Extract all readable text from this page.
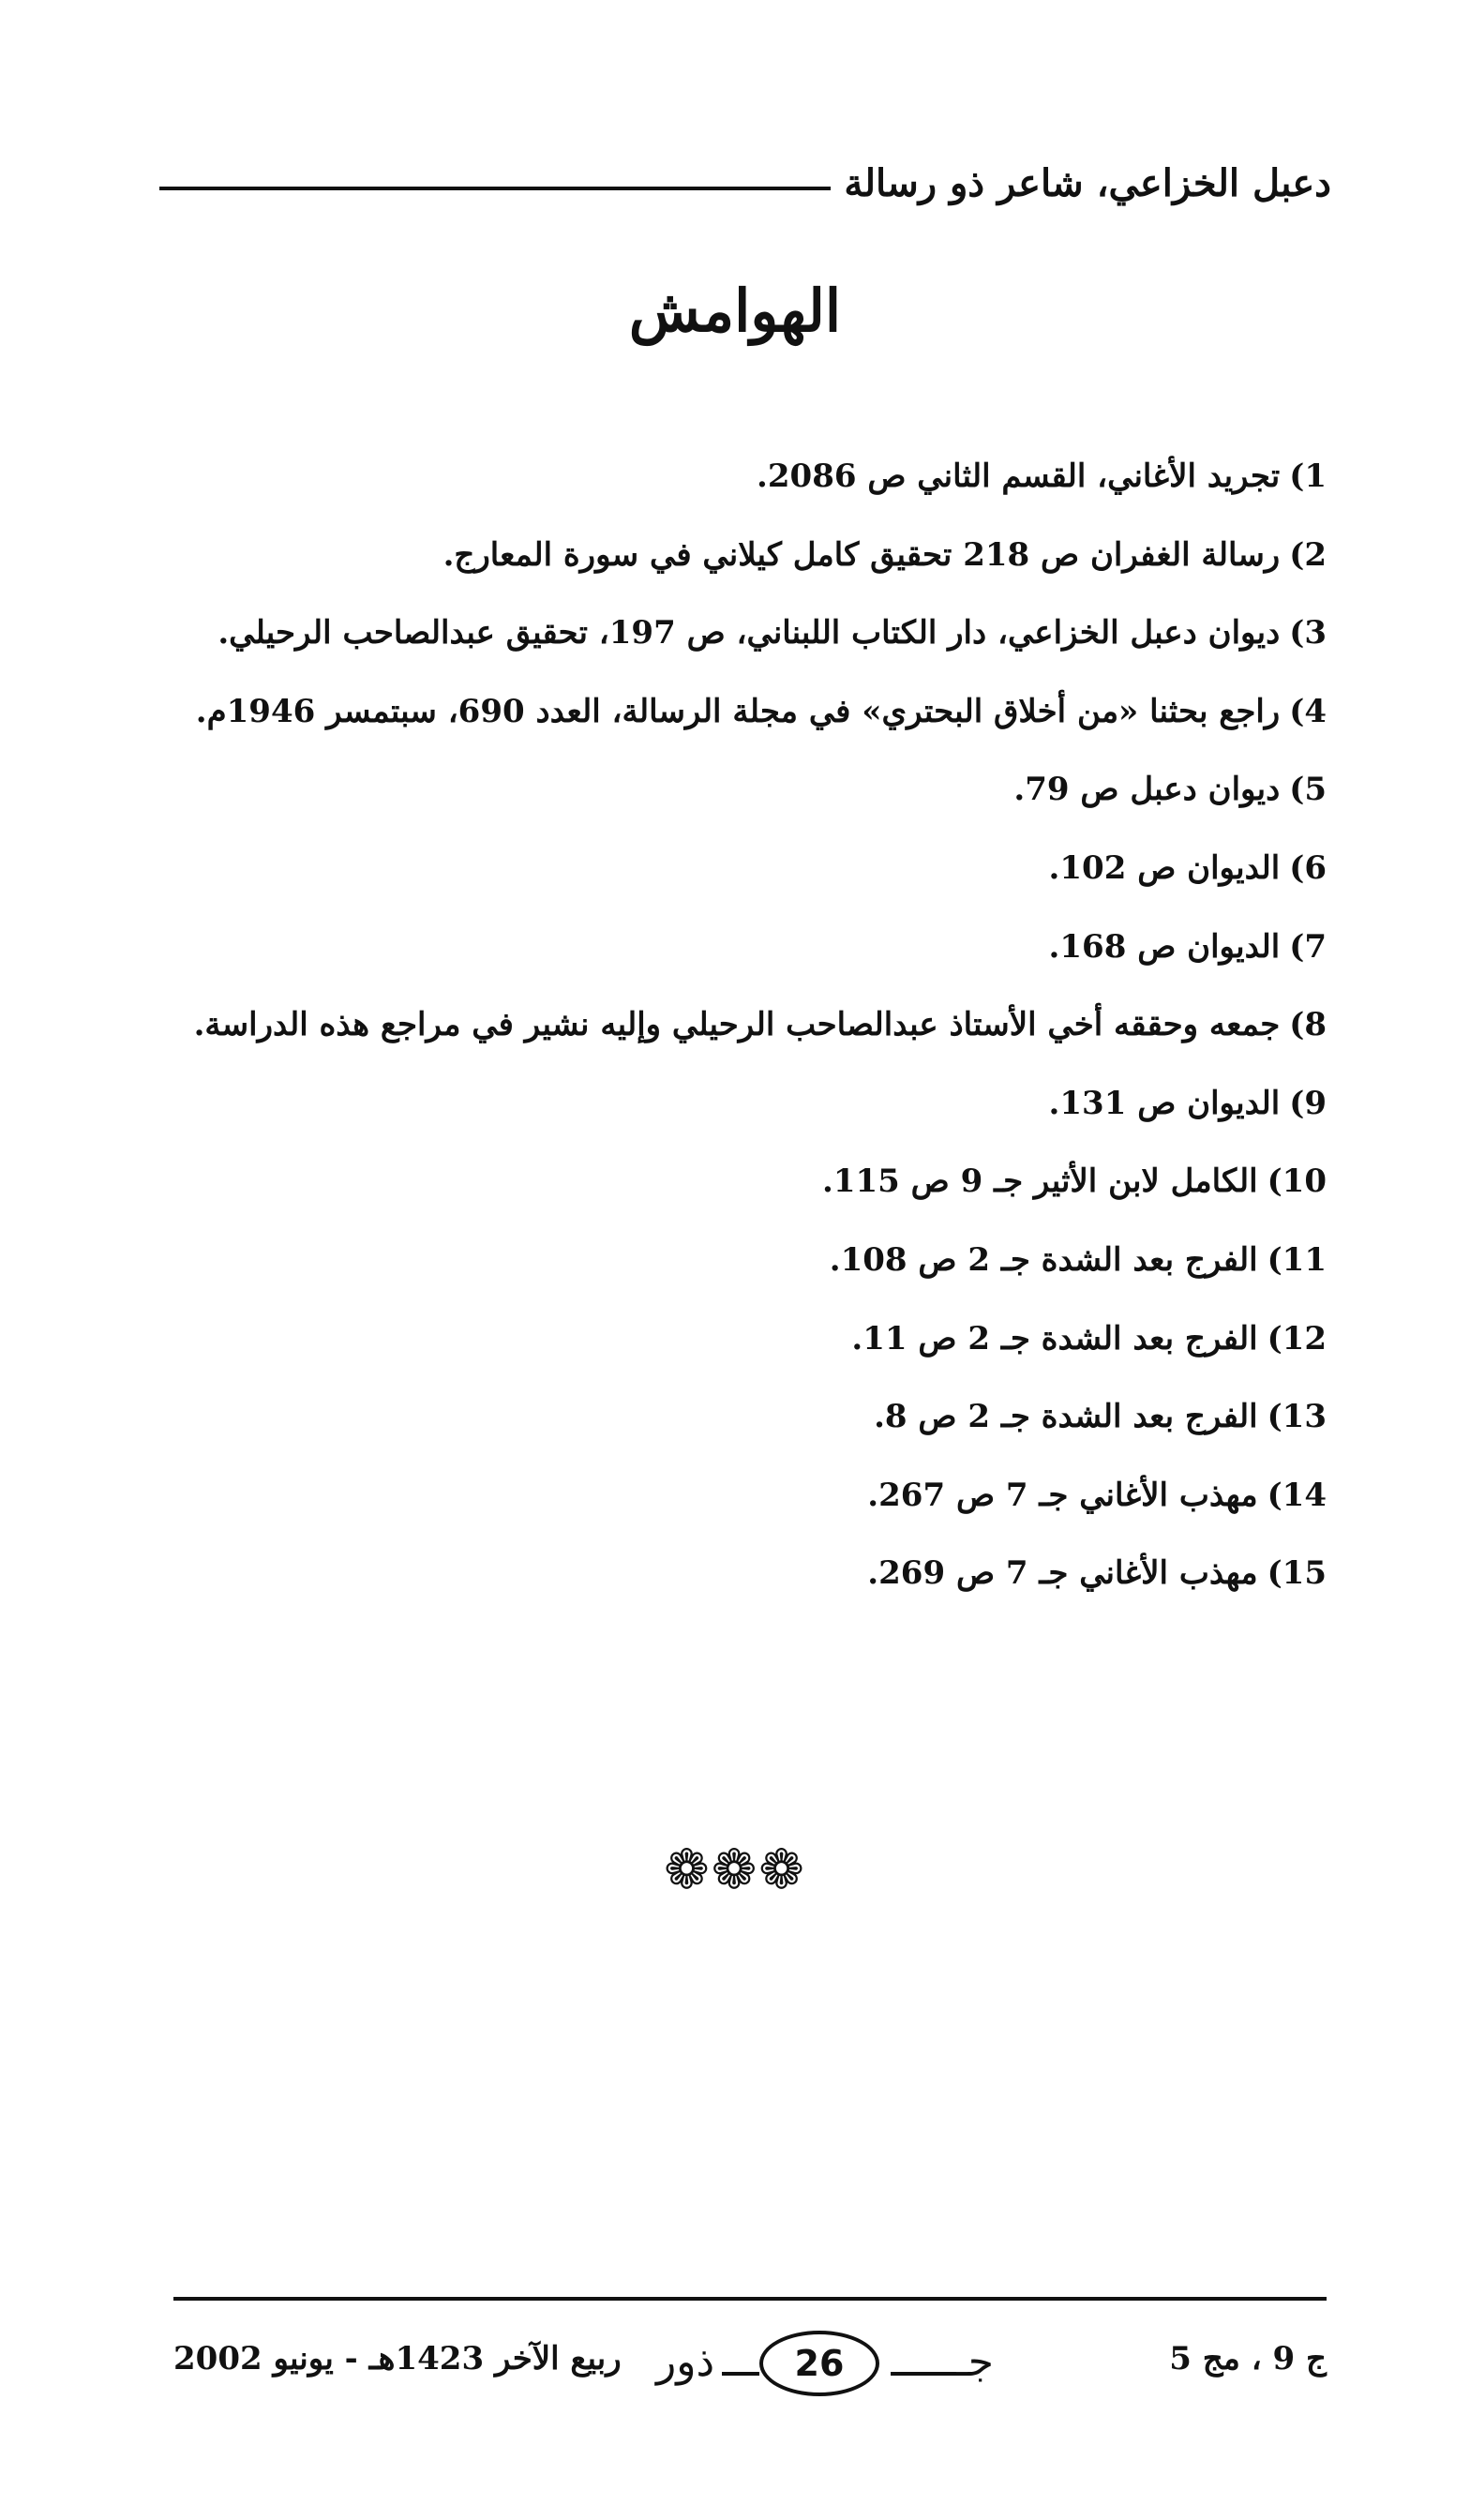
دعبل الخزاعي، شاعر ذو رسالة
الهوامش
1)تجريد الأغاني، القسم الثاني ص 2086.
2)رسالة الغفران ص 218 تحقيق كامل كيلاني في سورة المعارج.
3)ديوان دعبل الخزاعي، دار الكتاب اللبناني، ص 197، تحقيق عبدالصاحب الرحيلي.
4)راجع بحثنا «من أخلاق البحتري» في مجلة الرسالة، العدد 690، سبتمسر 1946م.
5)ديوان دعبل ص 79.
6)الديوان ص 102.
7)الديوان ص 168.
8)جمعه وحققه أخي الأستاذ عبدالصاحب الرحيلي وإليه نشير في مراجع هذه الدراسة.
9)الديوان ص 131.
10)الكامل لابن الأثير جـ 9 ص 115.
11)الفرج بعد الشدة جـ 2 ص 108.
12)الفرج بعد الشدة جـ 2 ص 11.
13)الفرج بعد الشدة جـ 2 ص 8.
14)مهذب الأغاني جـ 7 ص 267.
15)مهذب الأغاني جـ 7 ص 269.
❁❁❁
ج 9 ، مج 5
جـ
26
ذور
ربيع الآخر 1423هـ - يونيو 2002
